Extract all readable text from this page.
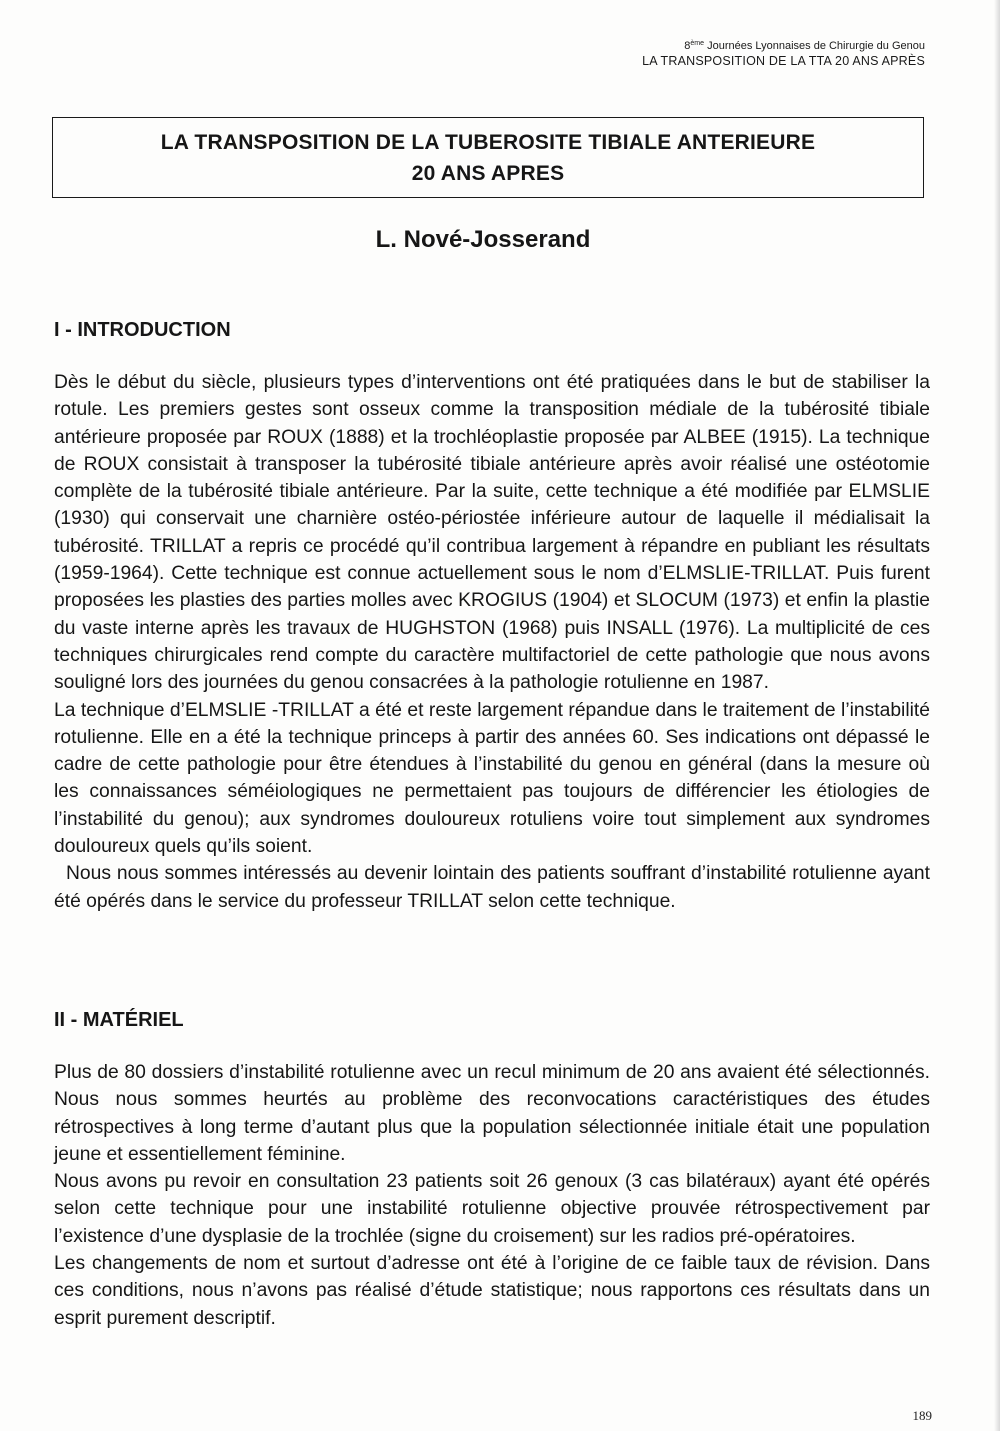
8ème Journées Lyonnaises de Chirurgie du Genou
LA TRANSPOSITION DE LA TTA 20 ANS APRÈS
LA TRANSPOSITION DE LA TUBEROSITE TIBIALE ANTERIEURE
20 ANS APRES
L. Nové-Josserand
I - INTRODUCTION

Dès le début du siècle, plusieurs types d’interventions ont été pratiquées dans le but de stabiliser la rotule. Les premiers gestes sont osseux comme la transposition médiale de la tubérosité tibiale antérieure proposée par ROUX (1888) et la trochléoplastie proposée par ALBEE (1915). La technique de ROUX consistait à transposer la tubérosité tibiale antérieure après avoir réalisé une ostéotomie complète de la tubérosité tibiale antérieure. Par la suite, cette technique a été modifiée par ELMSLIE (1930) qui conservait une charnière ostéo-périostée inférieure autour de laquelle il médialisait la tubérosité. TRILLAT a repris ce procédé qu’il contribua largement à répandre en publiant les résultats (1959-1964). Cette technique est connue actuellement sous le nom d’ELMSLIE-TRILLAT. Puis furent proposées les plasties des parties molles avec KROGIUS (1904) et SLOCUM (1973) et enfin la plastie du vaste interne après les travaux de HUGHSTON (1968) puis INSALL (1976). La multiplicité de ces techniques chirurgicales rend compte du caractère multifactoriel de cette pathologie que nous avons souligné lors des journées du genou consacrées à la pathologie rotulienne en 1987.

La technique d’ELMSLIE -TRILLAT a été et reste largement répandue dans le traitement de l’instabilité rotulienne. Elle en a été la technique princeps à partir des années 60. Ses indications ont dépassé le cadre de cette pathologie pour être étendues à l’instabilité du genou en général (dans la mesure où les connaissances séméiologiques ne permettaient pas toujours de différencier les étiologies de l’instabilité du genou); aux syndromes douloureux rotuliens voire tout simplement aux syndromes douloureux quels qu’ils soient.

Nous nous sommes intéressés au devenir lointain des patients souffrant d’instabilité rotulienne ayant été opérés dans le service du professeur TRILLAT selon cette technique.

II - MATÉRIEL

Plus de 80 dossiers d’instabilité rotulienne avec un recul minimum de 20 ans avaient été sélectionnés. Nous nous sommes heurtés au problème des reconvocations caractéristiques des études rétrospectives à long terme d’autant plus que la population sélectionnée initiale était une population jeune et essentiellement féminine.

Nous avons pu revoir en consultation 23 patients soit 26 genoux (3 cas bilatéraux) ayant été opérés selon cette technique pour une instabilité rotulienne objective prouvée rétrospectivement par l’existence d’une dysplasie de la trochlée (signe du croisement) sur les radios pré-opératoires.

Les changements de nom et surtout d’adresse ont été à l’origine de ce faible taux de révision. Dans ces conditions, nous n’avons pas réalisé d’étude statistique; nous rapportons ces résultats dans un esprit purement descriptif.

189
